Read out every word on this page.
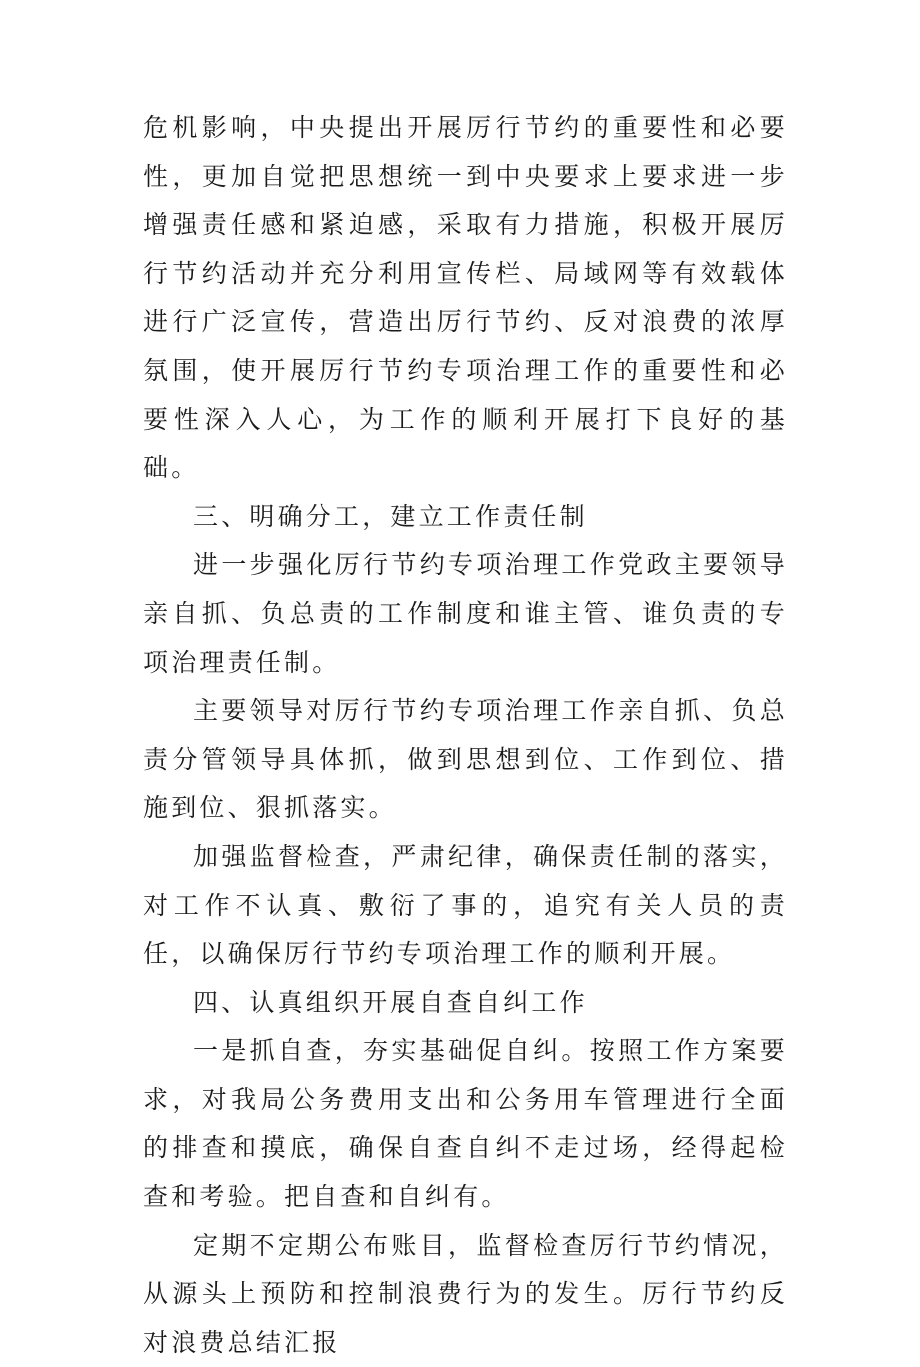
危机影响，中央提出开展厉行节约的重要性和必要性，更加自觉把思想统一到中央要求上要求进一步增强责任感和紧迫感，采取有力措施，积极开展厉行节约活动并充分利用宣传栏、局域网等有效载体进行广泛宣传，营造出厉行节约、反对浪费的浓厚氛围，使开展厉行节约专项治理工作的重要性和必要性深入人心，为工作的顺利开展打下良好的基础。

三、明确分工，建立工作责任制

进一步强化厉行节约专项治理工作党政主要领导亲自抓、负总责的工作制度和谁主管、谁负责的专项治理责任制。

主要领导对厉行节约专项治理工作亲自抓、负总责分管领导具体抓，做到思想到位、工作到位、措施到位、狠抓落实。

加强监督检查，严肃纪律，确保责任制的落实，对工作不认真、敷衍了事的，追究有关人员的责任，以确保厉行节约专项治理工作的顺利开展。

四、认真组织开展自查自纠工作

一是抓自查，夯实基础促自纠。按照工作方案要求，对我局公务费用支出和公务用车管理进行全面的排查和摸底，确保自查自纠不走过场，经得起检查和考验。把自查和自纠有。

定期不定期公布账目，监督检查厉行节约情况，从源头上预防和控制浪费行为的发生。厉行节约反对浪费总结汇报
